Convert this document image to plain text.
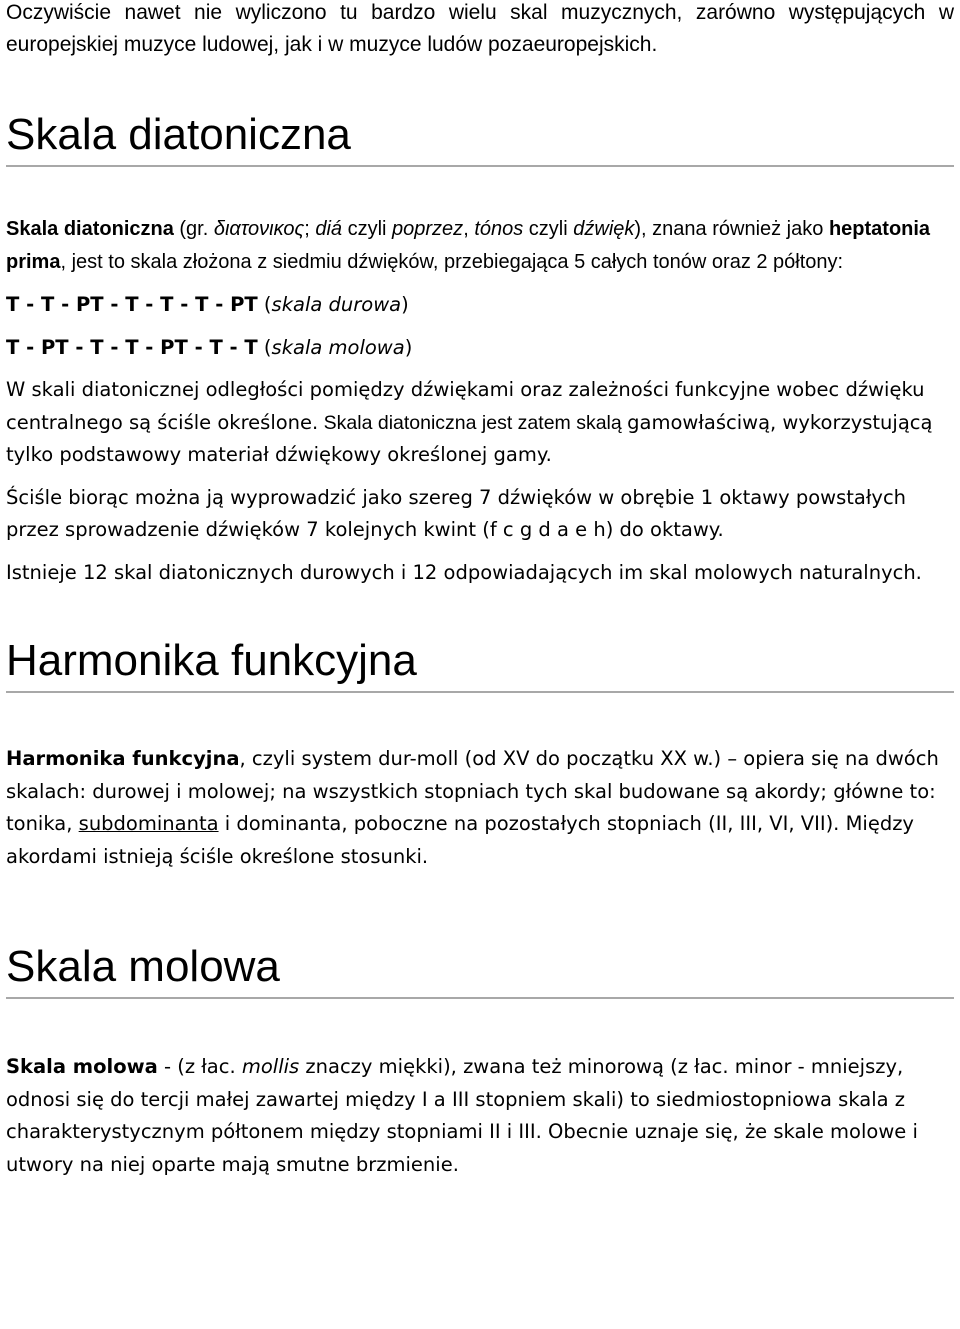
Oczywiście nawet nie wyliczono tu bardzo wielu skal muzycznych, zarówno występujących w europejskiej muzyce ludowej, jak i w muzyce ludów pozaeuropejskich.

Skala diatoniczna

Skala diatoniczna (gr. διατονικος; diá czyli poprzez, tónos czyli dźwięk), znana również jako heptatonia prima, jest to skala złożona z siedmiu dźwięków, przebiegająca 5 całych tonów oraz 2 półtony:

T - T - PT - T - T - T - PT (skala durowa)

T - PT - T - T - PT - T - T (skala molowa)

W skali diatonicznej odległości pomiędzy dźwiękami oraz zależności funkcyjne wobec dźwięku centralnego są ściśle określone. Skala diatoniczna jest zatem skalą gamowłaściwą, wykorzystującą tylko podstawowy materiał dźwiękowy określonej gamy.

Ściśle biorąc można ją wyprowadzić jako szereg 7 dźwięków w obrębie 1 oktawy powstałych przez sprowadzenie dźwięków 7 kolejnych kwint (f c g d a e h) do oktawy.

Istnieje 12 skal diatonicznych durowych i 12 odpowiadających im skal molowych naturalnych.

Harmonika funkcyjna

Harmonika funkcyjna, czyli system dur-moll (od XV do początku XX w.) – opiera się na dwóch skalach: durowej i molowej; na wszystkich stopniach tych skal budowane są akordy; główne to: tonika, subdominanta i dominanta, poboczne na pozostałych stopniach (II, III, VI, VII). Między akordami istnieją ściśle określone stosunki.

Skala molowa

Skala molowa - (z łac. mollis znaczy miękki), zwana też minorową (z łac. minor - mniejszy, odnosi się do tercji małej zawartej między I a III stopniem skali) to siedmiostopniowa skala z charakterystycznym półtonem między stopniami II i III. Obecnie uznaje się, że skale molowe i utwory na niej oparte mają smutne brzmienie.
